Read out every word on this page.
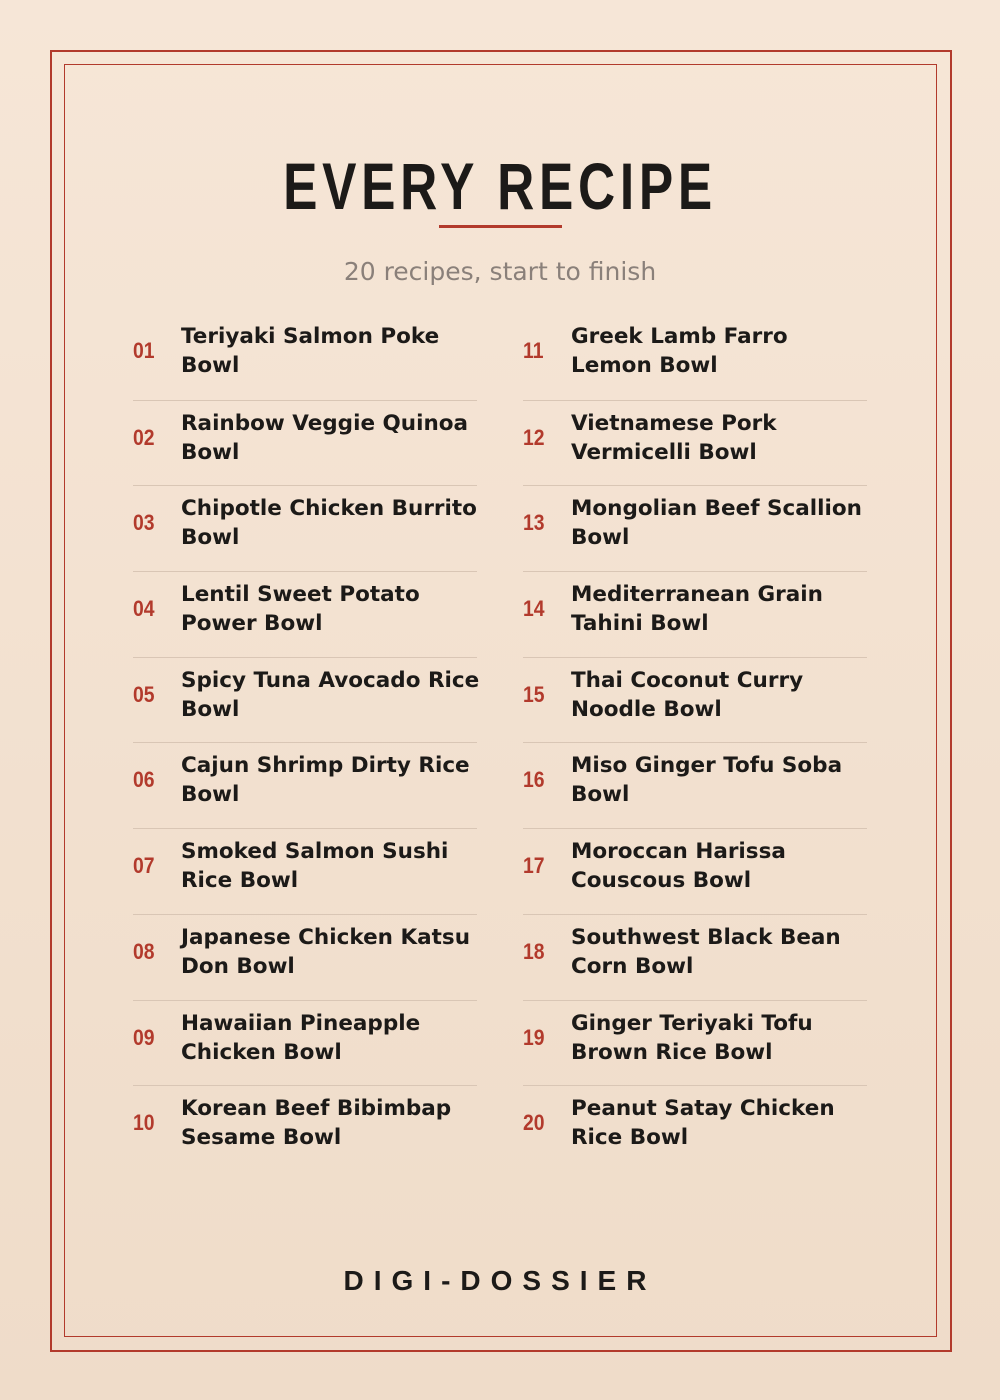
EVERY RECIPE
20 recipes, start to finish
01
Teriyaki Salmon Poke Bowl
02
Rainbow Veggie Quinoa Bowl
03
Chipotle Chicken Burrito Bowl
04
Lentil Sweet Potato Power Bowl
05
Spicy Tuna Avocado Rice Bowl
06
Cajun Shrimp Dirty Rice Bowl
07
Smoked Salmon Sushi Rice Bowl
08
Japanese Chicken Katsu Don Bowl
09
Hawaiian Pineapple Chicken Bowl
10
Korean Beef Bibimbap Sesame Bowl
11
Greek Lamb Farro Lemon Bowl
12
Vietnamese Pork Vermicelli Bowl
13
Mongolian Beef Scallion Bowl
14
Mediterranean Grain Tahini Bowl
15
Thai Coconut Curry Noodle Bowl
16
Miso Ginger Tofu Soba Bowl
17
Moroccan Harissa Couscous Bowl
18
Southwest Black Bean Corn Bowl
19
Ginger Teriyaki Tofu Brown Rice Bowl
20
Peanut Satay Chicken Rice Bowl
DIGI-DOSSIER
